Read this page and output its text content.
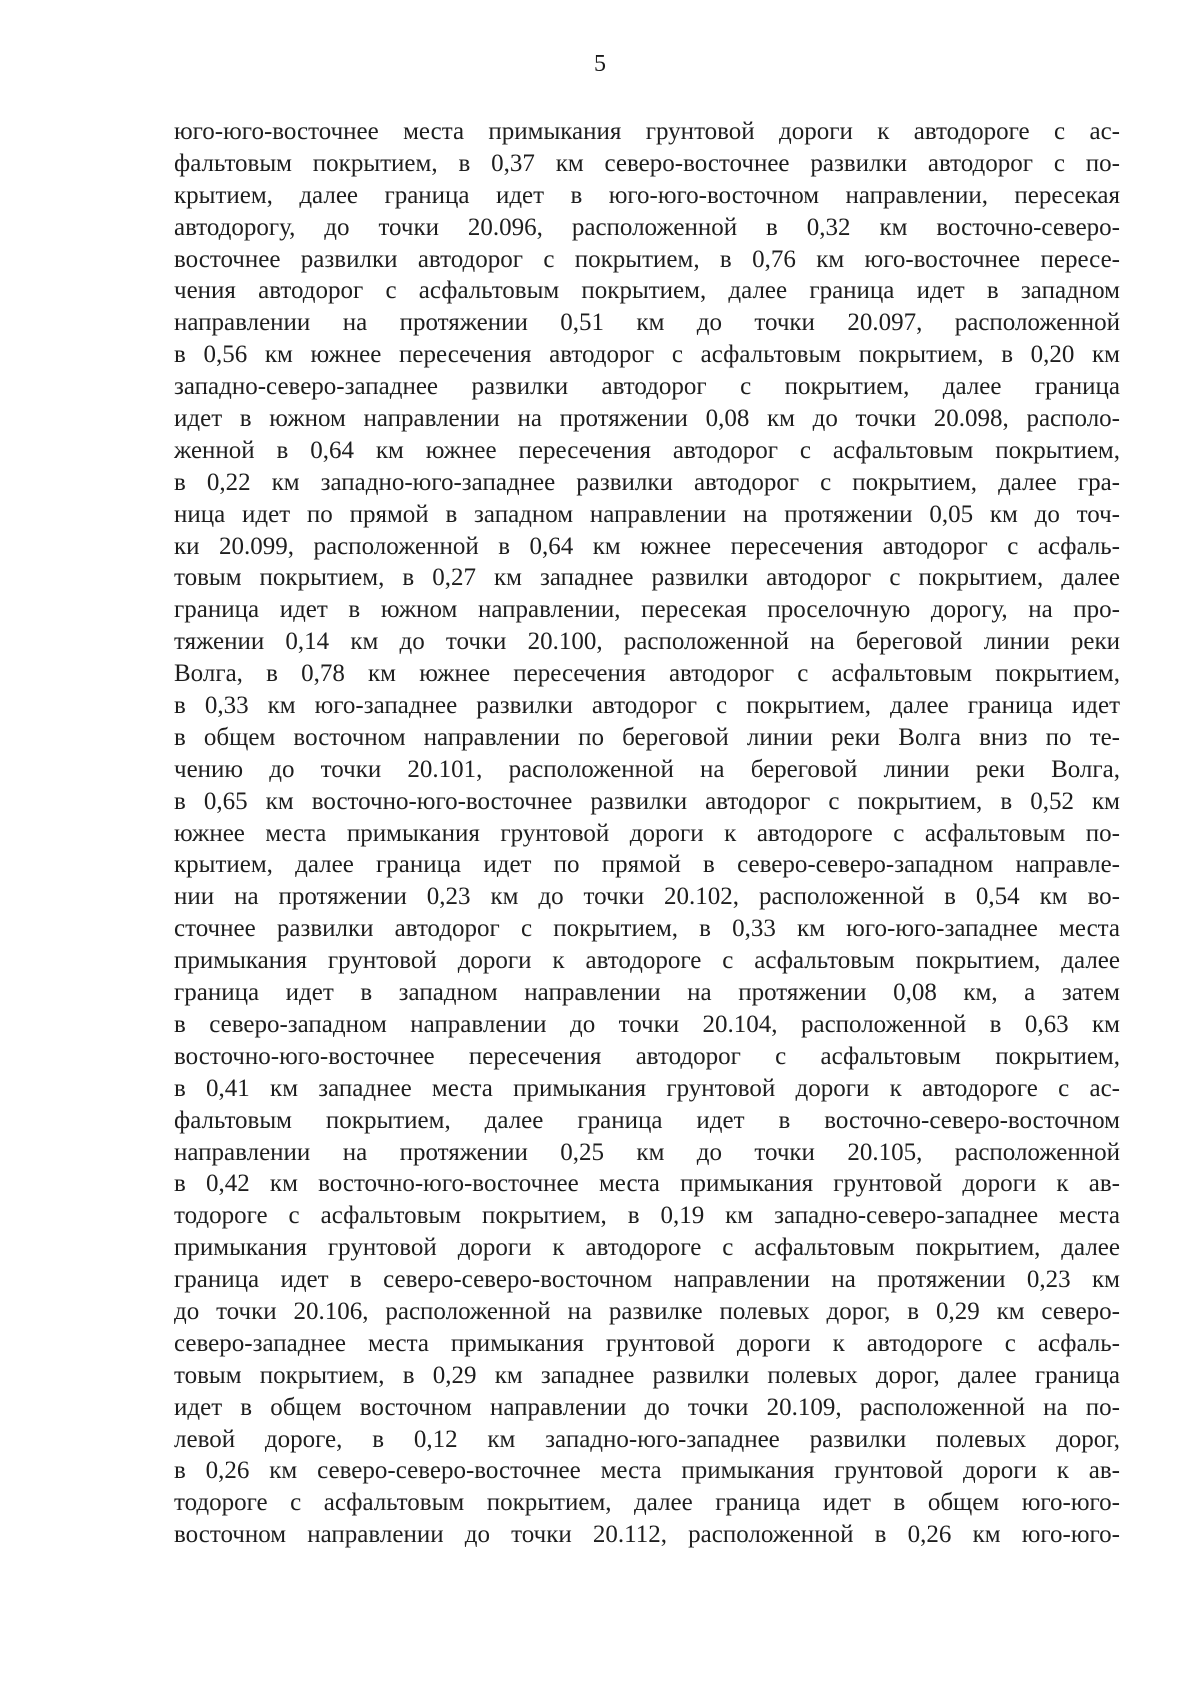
5
юго-юго-восточнее места примыкания грунтовой дороги к автодороге с ас-
фальтовым покрытием, в 0,37 км северо-восточнее развилки автодорог с по-
крытием, далее граница идет в юго-юго-восточном направлении, пересекая
автодорогу, до точки 20.096, расположенной в 0,32 км восточно-северо-
восточнее развилки автодорог с покрытием, в 0,76 км юго-восточнее пересе-
чения автодорог с асфальтовым покрытием, далее граница идет в западном
направлении на протяжении 0,51 км до точки 20.097, расположенной
в 0,56 км южнее пересечения автодорог с асфальтовым покрытием, в 0,20 км
западно-северо-западнее развилки автодорог с покрытием, далее граница
идет в южном направлении на протяжении 0,08 км до точки 20.098, располо-
женной в 0,64 км южнее пересечения автодорог с асфальтовым покрытием,
в 0,22 км западно-юго-западнее развилки автодорог с покрытием, далее гра-
ница идет по прямой в западном направлении на протяжении 0,05 км до точ-
ки 20.099, расположенной в 0,64 км южнее пересечения автодорог с асфаль-
товым покрытием, в 0,27 км западнее развилки автодорог с покрытием, далее
граница идет в южном направлении, пересекая проселочную дорогу, на про-
тяжении 0,14 км до точки 20.100, расположенной на береговой линии реки
Волга, в 0,78 км южнее пересечения автодорог с асфальтовым покрытием,
в 0,33 км юго-западнее развилки автодорог с покрытием, далее граница идет
в общем восточном направлении по береговой линии реки Волга вниз по те-
чению до точки 20.101, расположенной на береговой линии реки Волга,
в 0,65 км восточно-юго-восточнее развилки автодорог с покрытием, в 0,52 км
южнее места примыкания грунтовой дороги к автодороге с асфальтовым по-
крытием, далее граница идет по прямой в северо-северо-западном направле-
нии на протяжении 0,23 км до точки 20.102, расположенной в 0,54 км во-
сточнее развилки автодорог с покрытием, в 0,33 км юго-юго-западнее места
примыкания грунтовой дороги к автодороге с асфальтовым покрытием, далее
граница идет в западном направлении на протяжении 0,08 км, а затем
в северо-западном направлении до точки 20.104, расположенной в 0,63 км
восточно-юго-восточнее пересечения автодорог с асфальтовым покрытием,
в 0,41 км западнее места примыкания грунтовой дороги к автодороге с ас-
фальтовым покрытием, далее граница идет в восточно-северо-восточном
направлении на протяжении 0,25 км до точки 20.105, расположенной
в 0,42 км восточно-юго-восточнее места примыкания грунтовой дороги к ав-
тодороге с асфальтовым покрытием, в 0,19 км западно-северо-западнее места
примыкания грунтовой дороги к автодороге с асфальтовым покрытием, далее
граница идет в северо-северо-восточном направлении на протяжении 0,23 км
до точки 20.106, расположенной на развилке полевых дорог, в 0,29 км северо-
северо-западнее места примыкания грунтовой дороги к автодороге с асфаль-
товым покрытием, в 0,29 км западнее развилки полевых дорог, далее граница
идет в общем восточном направлении до точки 20.109, расположенной на по-
левой дороге, в 0,12 км западно-юго-западнее развилки полевых дорог,
в 0,26 км северо-северо-восточнее места примыкания грунтовой дороги к ав-
тодороге с асфальтовым покрытием, далее граница идет в общем юго-юго-
восточном направлении до точки 20.112, расположенной в 0,26 км юго-юго-
